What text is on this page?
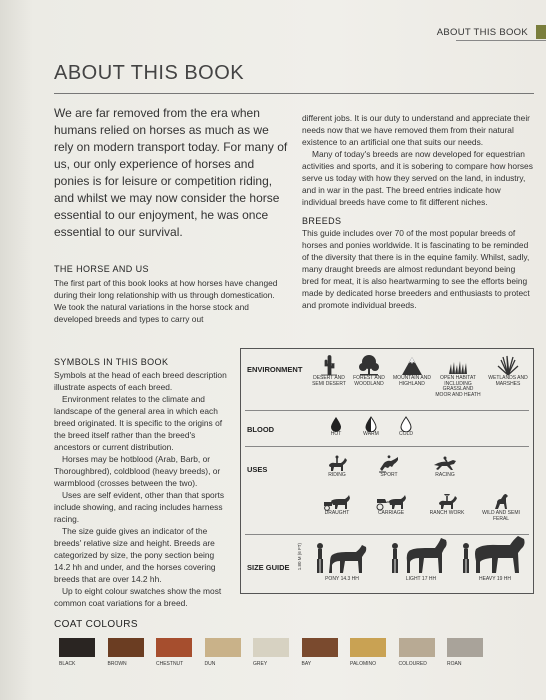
ABOUT THIS BOOK
ABOUT THIS BOOK
We are far removed from the era when humans relied on horses as much as we rely on modern transport today. For many of us, our only experience of horses and ponies is for leisure or competition riding, and whilst we may now consider the horse essential to our enjoyment, he was once essential to our survival.
THE HORSE AND US

The first part of this book looks at how horses have changed during their long relationship with us through domestication. We took the natural variations in the horse stock and developed breeds and types to carry out

different jobs. It is our duty to understand and appreciate their needs now that we have removed them from their natural existence to an artificial one that suits our needs.

Many of today's breeds are now developed for equestrian activities and sports, and it is sobering to compare how horses serve us today with how they served on the land, in industry, and in war in the past. The breed entries indicate how individual breeds have come to fit different niches.

BREEDS

This guide includes over 70 of the most popular breeds of horses and ponies worldwide. It is fascinating to be reminded of the diversity that there is in the equine family. Whilst, sadly, many draught breeds are almost redundant beyond being bred for meat, it is also heartwarming to see the efforts being made by dedicated horse breeders and enthusiasts to protect and promote individual breeds.

SYMBOLS IN THIS BOOK

Symbols at the head of each breed description illustrate aspects of each breed.

Environment relates to the climate and landscape of the general area in which each breed originated. It is specific to the origins of the breed itself rather than the breed's ancestors or current distribution.

Horses may be hotblood (Arab, Barb, or Thoroughbred), coldblood (heavy breeds), or warmblood (crosses between the two).

Uses are self evident, other than that sports include showing, and racing includes harness racing.

The size guide gives an indicator of the breeds' relative size and height. Breeds are categorized by size, the pony section being 14.2 hh and under, and the horses covering breeds that are over 14.2 hh.

Up to eight colour swatches show the most common coat variations for a breed.

ENVIRONMENT
DESERT AND SEMI DESERT
FOREST AND WOODLAND
MOUNTAIN AND HIGHLAND
OPEN HABITAT INCLUDING GRASSLAND MOOR AND HEATH
WETLANDS AND MARSHES
BLOOD	HOT	WARM	COLD
USES
RIDING	SPORT	RACING
DRAUGHT	CARRIAGE	RANCH WORK	WILD AND SEMI FERAL
SIZE GUIDE 1.80 M (6 FT)
PONY 14.3 HH	LIGHT 17 HH	HEAVY 19 HH
COAT COLOURS
BLACK	BROWN	CHESTNUT	DUN	GREY	BAY	PALOMINO	COLOURED	ROAN
